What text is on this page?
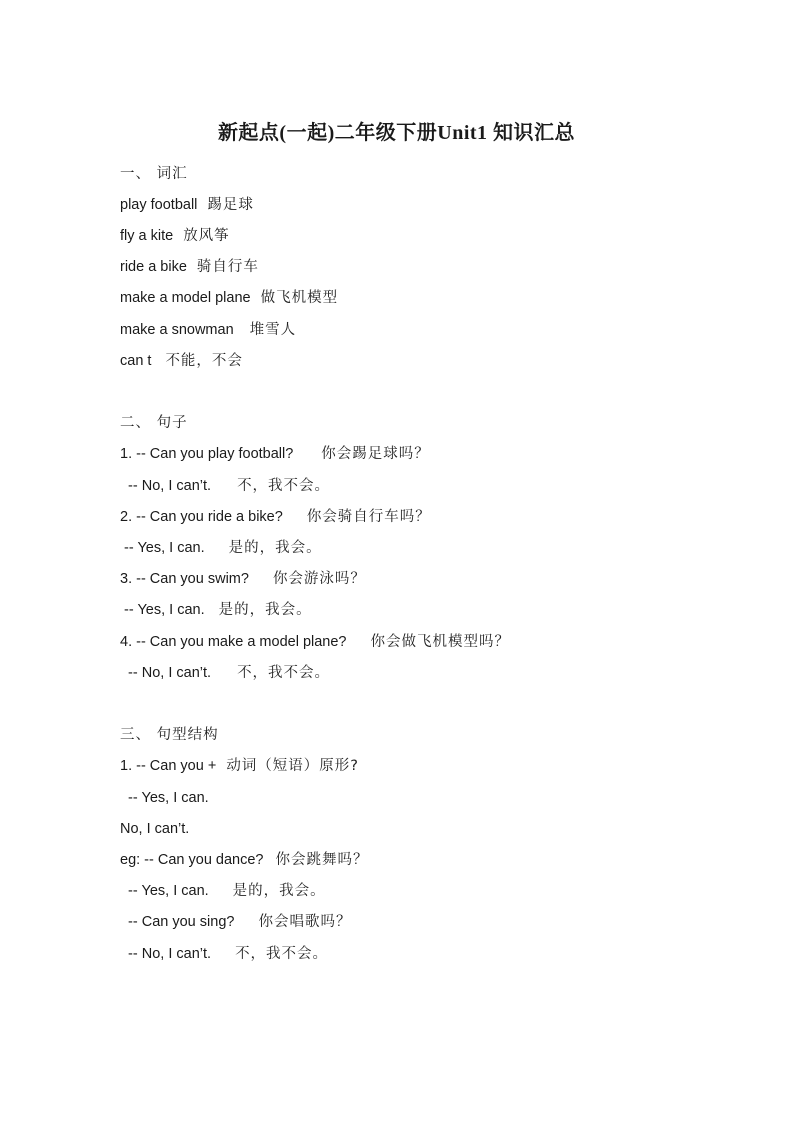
新起点(一起)二年级下册Unit1 知识汇总
一、 词汇
play football 踢足球
fly a kite 放风筝
ride a bike 骑自行车
make a model plane 做飞机模型
make a snowman 堆雪人
can t 不能，不会
二、 句子
1. -- Can you play football? 你会踢足球吗？
-- No, I can’t. 不，我不会。
2. -- Can you ride a bike? 你会骑自行车吗？
-- Yes, I can. 是的，我会。
3. -- Can you swim? 你会游泳吗？
-- Yes, I can. 是的，我会。
4. -- Can you make a model plane? 你会做飞机模型吗？
-- No, I can’t. 不，我不会。
三、 句型结构
1. -- Can you + 动词（短语）原形?
-- Yes, I can.
No, I can’t.
eg: -- Can you dance? 你会跳舞吗？
-- Yes, I can. 是的，我会。
-- Can you sing? 你会唱歌吗？
-- No, I can’t. 不，我不会。
